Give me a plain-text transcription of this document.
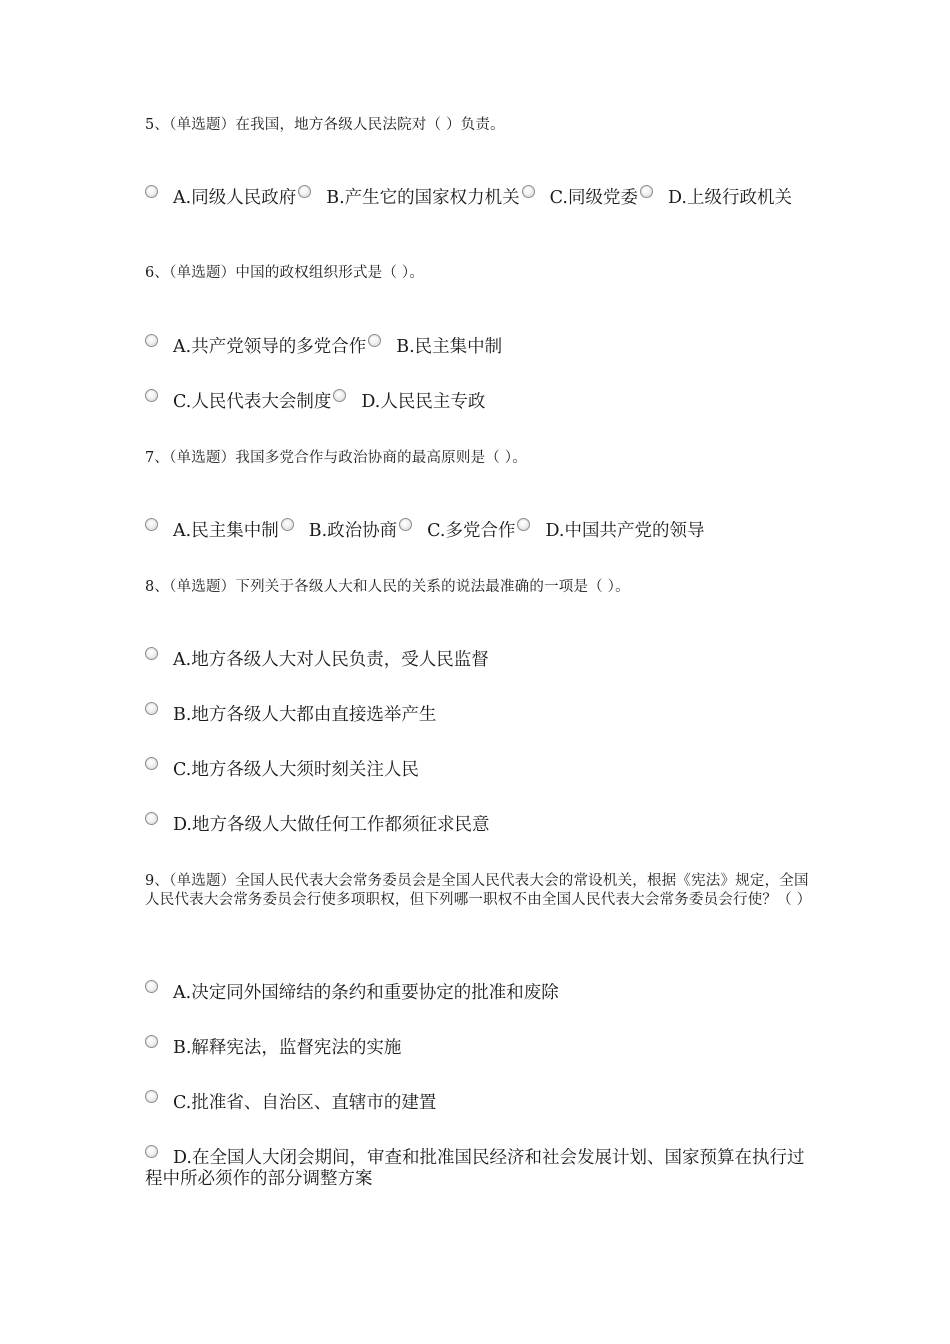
5、（单选题）在我国，地方各级人民法院对（ ）负责。
A.同级人民政府 B.产生它的国家权力机关 C.同级党委 D.上级行政机关
6、（单选题）中国的政权组织形式是（ ）。
A.共产党领导的多党合作 B.民主集中制
C.人民代表大会制度 D.人民民主专政
7、（单选题）我国多党合作与政治协商的最高原则是（ ）。
A.民主集中制 B.政治协商 C.多党合作 D.中国共产党的领导
8、（单选题）下列关于各级人大和人民的关系的说法最准确的一项是（ ）。
A.地方各级人大对人民负责，受人民监督
B.地方各级人大都由直接选举产生
C.地方各级人大须时刻关注人民
D.地方各级人大做任何工作都须征求民意
9、（单选题）全国人民代表大会常务委员会是全国人民代表大会的常设机关，根据《宪法》规定，全国人民代表大会常务委员会行使多项职权，但下列哪一职权不由全国人民代表大会常务委员会行使？（ ）
A.决定同外国缔结的条约和重要协定的批准和废除
B.解释宪法，监督宪法的实施
C.批准省、自治区、直辖市的建置
D.在全国人大闭会期间，审查和批准国民经济和社会发展计划、国家预算在执行过程中所必须作的部分调整方案
